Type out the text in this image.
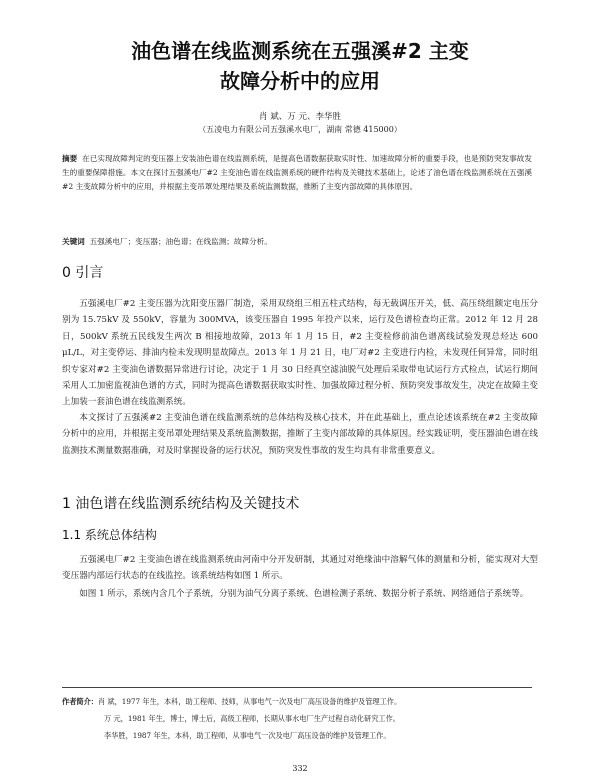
油色谱在线监测系统在五强溪#2 主变
故障分析中的应用
肖 斌、万 元、李华胜
（五凌电力有限公司五强溪水电厂，湖南 常德 415000）
摘要 在已实现故障判定的变压器上安装油色谱在线监测系统，是提高色谱数据获取实时性、加速故障分析的重要手段，也是预防突发事故发生的重要保障措施。本文在探讨五强溪电厂#2 主变油色谱在线监测系统的硬件结构及关键技术基础上，论述了油色谱在线监测系统在五强溪#2 主变故障分析中的应用，并根据主变吊罩处理结果及系统监测数据，推断了主变内部故障的具体原因。
关键词 五强溪电厂；变压器；油色谱；在线监测；故障分析。
0 引言
五强溪电厂#2 主变压器为沈阳变压器厂制造，采用双绕组三相五柱式结构，每无载调压开关，低、高压绕组额定电压分别为 15.75kV 及 550kV，容量为 300MVA，该变压器自 1995 年投产以来，运行及色谱检查均正常。2012 年 12 月 28 日，500kV 系统五民线发生两次 B 相接地故障，2013 年 1 月 15 日，#2 主变检修前油色谱离线试验发现总烃达 600 μL/L，对主变停运、排油内检未发现明显故障点。2013 年 1 月 21 日，电厂对#2 主变进行内检，未发现任何异常，同时组织专家对#2 主变油色谱数据异常进行讨论，决定于 1 月 30 日经真空滤油脱气处理后采取带电试运行方式检点，试运行期间采用人工加密监视油色谱的方式，同时为提高色谱数据获取实时性、加强故障过程分析、预防突发事故发生，决定在故障主变上加装一套油色谱在线监测系统。
本文探讨了五强溪#2 主变油色谱在线监测系统的总体结构及核心技术，并在此基础上，重点论述该系统在#2 主变故障分析中的应用，并根据主变吊罩处理结果及系统监测数据，推断了主变内部故障的具体原因。经实践证明，变压器油色谱在线监测技术测量数据准确，对及时掌握设备的运行状况，预防突发性事故的发生均具有非常重要意义。
1 油色谱在线监测系统结构及关键技术
1.1 系统总体结构
五强溪电厂#2 主变油色谱在线监测系统由河南中分开发研制，其通过对绝缘油中溶解气体的测量和分析，能实现对大型变压器内部运行状态的在线监控。该系统结构如图 1 所示。
如图 1 所示，系统内含几个子系统，分别为油气分离子系统、色谱检测子系统、数据分析子系统、网络通信子系统等。
作者简介：肖 斌，1977 年生，本科，助工程师、技师，从事电气一次及电厂高压设备的维护及管理工作。
万 元，1981 年生，博士，博士后，高级工程师，长期从事水电厂生产过程自动化研究工作。
李华胜，1987 年生，本科，助工程师，从事电气一次及电厂高压设备的维护及管理工作。
332
